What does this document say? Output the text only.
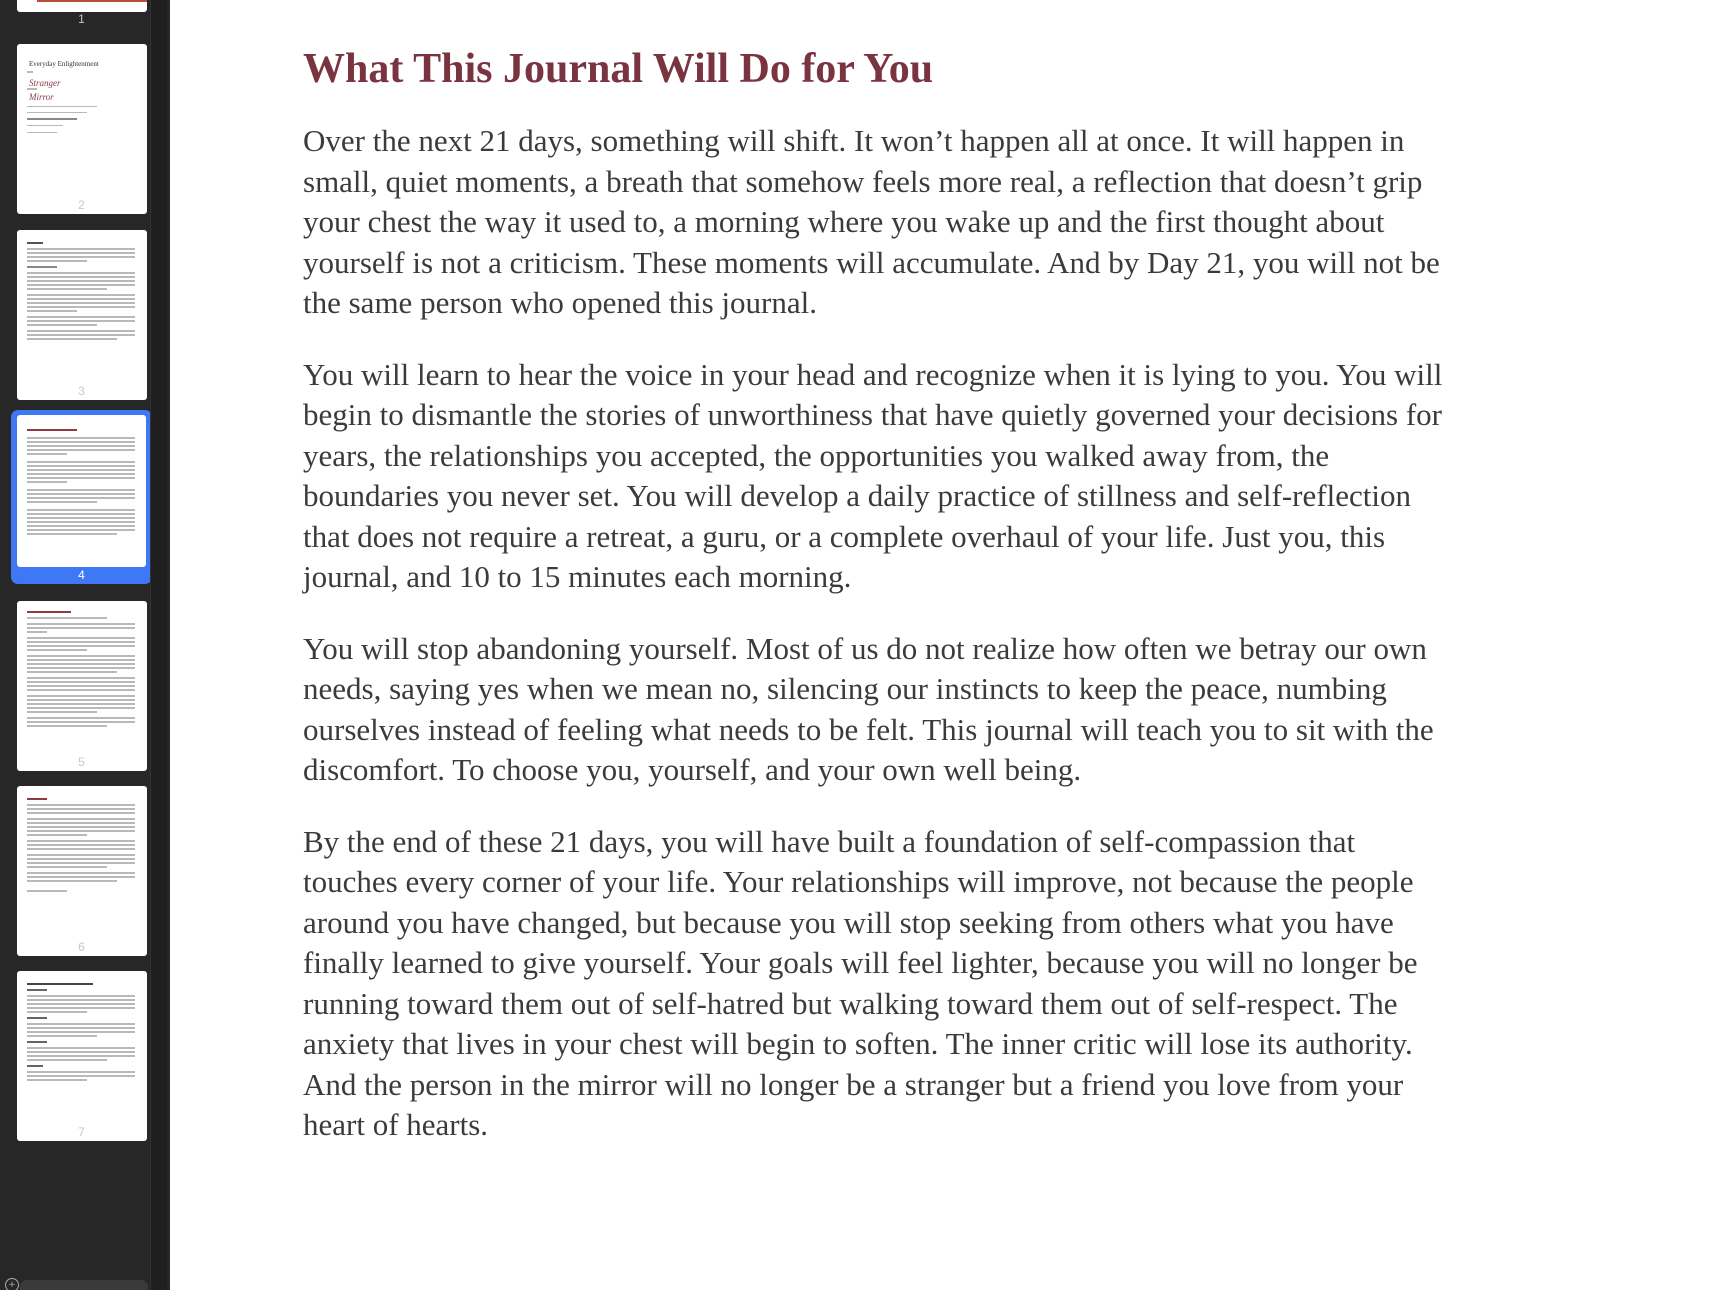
1
Everyday Enlightenment
Stranger
Mirror
2
3
4
5
6
7
+
What This Journal Will Do for You

Over the next 21 days, something will shift. It won’t happen all at once. It will happen in small, quiet moments, a breath that somehow feels more real, a reflection that doesn’t grip your chest the way it used to, a morning where you wake up and the first thought about yourself is not a criticism. These moments will accumulate. And by Day 21, you will not be the same person who opened this journal.

You will learn to hear the voice in your head and recognize when it is lying to you. You will begin to dismantle the stories of unworthiness that have quietly governed your decisions for years, the relationships you accepted, the opportunities you walked away from, the boundaries you never set. You will develop a daily practice of stillness and self-reflection that does not require a retreat, a guru, or a complete overhaul of your life. Just you, this journal, and 10 to 15 minutes each morning.

You will stop abandoning yourself. Most of us do not realize how often we betray our own needs, saying yes when we mean no, silencing our instincts to keep the peace, numbing ourselves instead of feeling what needs to be felt. This journal will teach you to sit with the discomfort. To choose you, yourself, and your own well being.

By the end of these 21 days, you will have built a foundation of self-compassion that touches every corner of your life. Your relationships will improve, not because the people around you have changed, but because you will stop seeking from others what you have finally learned to give yourself. Your goals will feel lighter, because you will no longer be running toward them out of self-hatred but walking toward them out of self-respect. The anxiety that lives in your chest will begin to soften. The inner critic will lose its authority. And the person in the mirror will no longer be a stranger but a friend you love from your heart of hearts.
